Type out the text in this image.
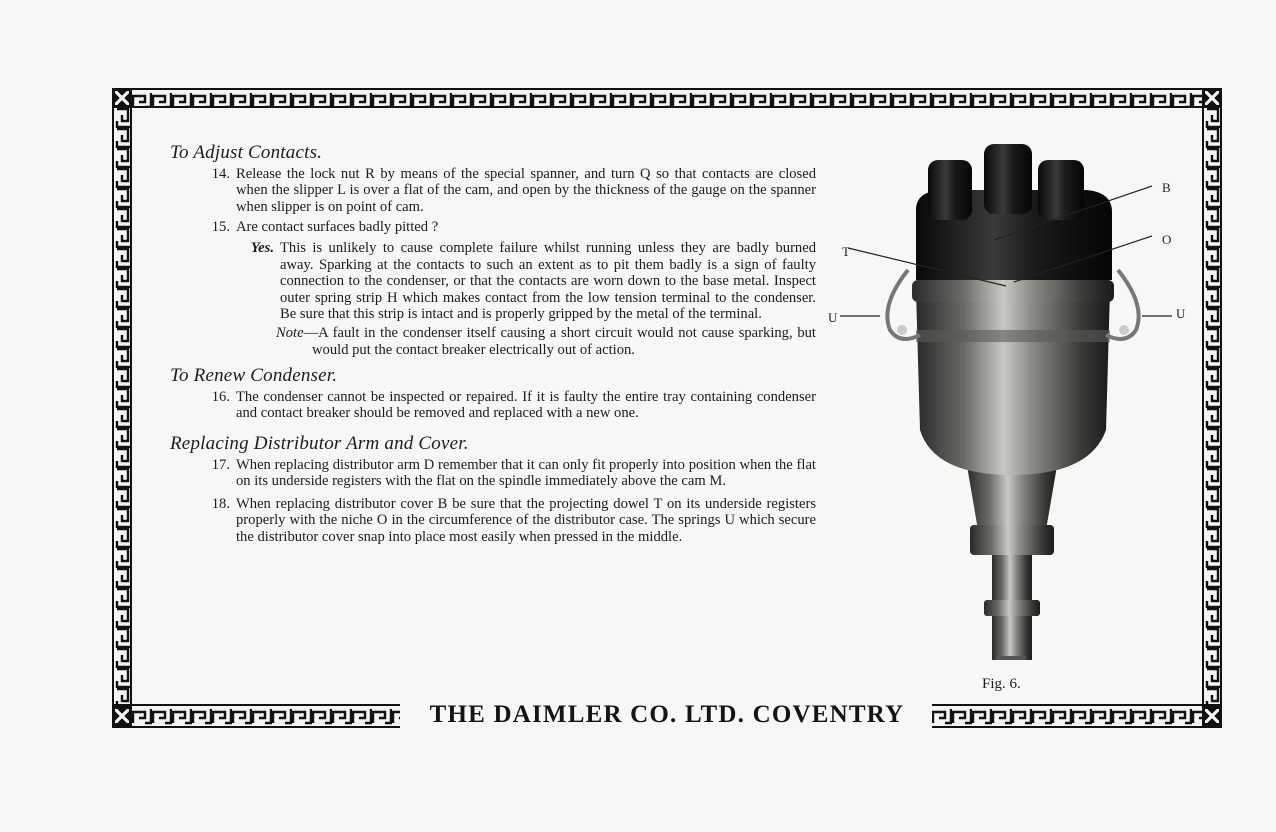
THE DAIMLER CO. LTD. COVENTRY
To Adjust Contacts.
14. Release the lock nut R by means of the special spanner, and turn Q so that contacts are closed when the slipper L is over a flat of the cam, and open by the thickness of the gauge on the spanner when slipper is on point of cam.
15. Are contact surfaces badly pitted ?
Yes. This is unlikely to cause complete failure whilst running unless they are badly burned away. Sparking at the contacts to such an extent as to pit them badly is a sign of faulty connection to the condenser, or that the contacts are worn down to the base metal. Inspect outer spring strip H which makes contact from the low tension terminal to the condenser. Be sure that this strip is intact and is properly gripped by the metal of the terminal.
Note—A fault in the condenser itself causing a short circuit would not cause sparking, but would put the contact breaker electrically out of action.
To Renew Condenser.
16. The condenser cannot be inspected or repaired. If it is faulty the entire tray containing condenser and contact breaker should be removed and replaced with a new one.
Replacing Distributor Arm and Cover.
17. When replacing distributor arm D remember that it can only fit properly into position when the flat on its underside registers with the flat on the spindle immediately above the cam M.
18. When replacing distributor cover B be sure that the projecting dowel T on its underside registers properly with the niche O in the circumference of the distributor case. The springs U which secure the distributor cover snap into place most easily when pressed in the middle.
B
O
T
U	U
Fig. 6.
